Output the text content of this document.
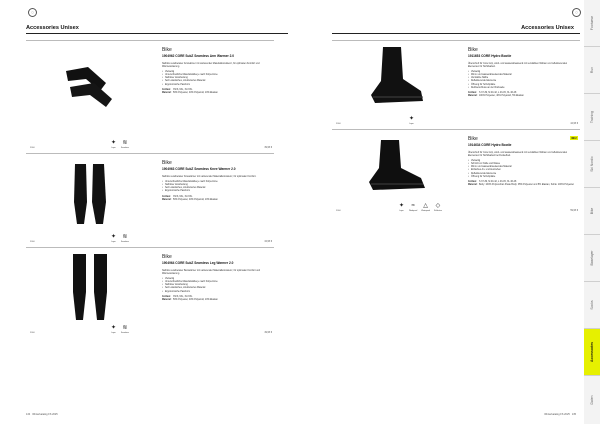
◯
Accessories Unisex
9900
✦
Layer
≋
Seamless
Bike
1904962 CORE SubZ Seamless Arm Warmer 2.0
Nahtlos verarbeiteter Armwärmer mit variierender Materialkonsistenz, für optimalen Komfort und Wärmeisolierung.
• Vielseitig
• Unterschiedliche Materialstärke je nach Körperzone
• Nahtlose Verarbeitung
• Sehr elastisches, strukturiertes Material
• Ergonomische Passform
Größen: XS/S, M/L, XL/XXL
Material: 50% Polyester, 40% Polyamid, 10% Elastan
39,95 €
9900
✦
Layer
≋
Seamless
Bike
1904963 CORE SubZ Seamless Knee Warmer 2.0
Nahtlos verarbeiteter Kniewärmer mit variierender Materialkonsistenz, für optimalen Komfort.
• Unterschiedliche Materialstärke je nach Körperzone
• Nahtlose Verarbeitung
• Sehr elastisches, strukturiertes Material
• Ergonomische Passform
Größen: XS/S, M/L, XL/XXL
Material: 50% Polyester, 40% Polyamid, 10% Elastan
34,95 €
9900
✦
Layer
≋
Seamless
Bike
1904964 CORE SubZ Seamless Leg Warmer 2.0
Nahtlos verarbeiteter Beinwärmer mit variierender Materialkonsistenz, für optimalen Komfort und Wärmeisolierung.
• Vielseitig
• Unterschiedliche Materialstärke je nach Körperzone
• Nahtlose Verarbeitung
• Sehr elastisches, strukturiertes Material
• Ergonomische Passform
Größen: XS/S, M/L, XL/XXL
Material: 50% Polyester, 40% Polyamid, 10% Elastan
49,95 €
134 Winterkatalog FS 2025
◯
Accessories Unisex
9900
✦
Layer
Bike
1911653 CORE Hydro Bootie
Überschuh für Core Grip, wind- und wasserabweisend mit verstärkten Nähten und reflektierenden Elementen für Sichtbarkeit.
• Vielseitig
• Wind- und wasserabweisendes Material
• Verstärkte Nähte
• Reflektierende Elemente
• Öffnung für Schuhplatte
• Reißverschluss an der Rückseite
Größen: S 37-39, M 40-42, L 43-45, XL 46-48
Material: 100% Polyester, 40% Polyamid, 5% Elastan
44,95 €
9900
✦
Layer
≈
Windproof
△
Waterproof
◇
Reflective
NEU
Bike
1914634 CORE Hydro Bootie
Überschuh für Core Grip, wind- und wasserabweisend mit verstärkten Nähten und reflektierenden Elementen für Sichtbarkeit bei Dunkelheit.
• Vielseitig
• Schützt vor Kälte und Nässe
• Wind- und wasserabweisendes Material
• Einfaches An- und Ausziehen
• Reflektierende Elemente
• Öffnung für Schuhplatte
Größen: S 37-39, M 40-42, L 43-45, XL 46-48
Material: Body: 100% Polyurethan Paste Body: 95% Polyester und 5% Elastan, Sohle: 100% Polyester
59,95 €
Winterkatalog FS 2025 135
Footwear
Run
Training
Ski Nordic
Bike
Baselayer
Socks
Accessories
Daten
